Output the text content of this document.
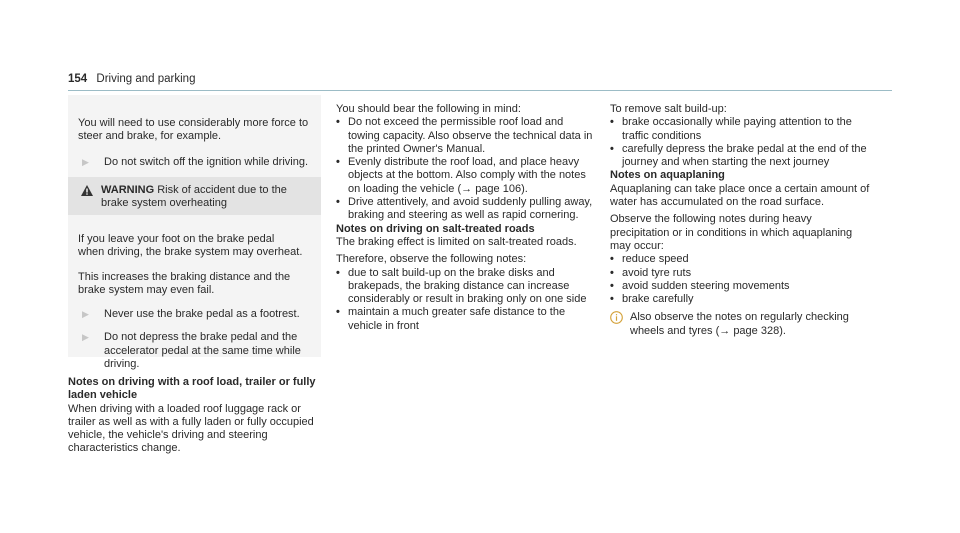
154 Driving and parking

You will need to use considerably more force to steer and brake, for example.

▶	Do not switch off the ignition while driving.
WARNING Risk of accident due to the brake system overheating

If you leave your foot on the brake pedal when driving, the brake system may overheat.

This increases the braking distance and the brake system may even fail.

▶	Never use the brake pedal as a footrest.
▶	Do not depress the brake pedal and the accelerator pedal at the same time while driving.

Notes on driving with a roof load, trailer or fully laden vehicle

When driving with a loaded roof luggage rack or trailer as well as with a fully laden or fully occupied vehicle, the vehicle's driving and steering characteristics change.

You should bear the following in mind:

• Do not exceed the permissible roof load and towing capacity. Also observe the technical data in the printed Owner's Manual.
• Evenly distribute the roof load, and place heavy objects at the bottom. Also comply with the notes on loading the vehicle (→ page 106).
• Drive attentively, and avoid suddenly pulling away, braking and steering as well as rapid cornering.

Notes on driving on salt-treated roads

The braking effect is limited on salt-treated roads.

Therefore, observe the following notes:

• due to salt build-up on the brake disks and brakepads, the braking distance can increase considerably or result in braking only on one side
• maintain a much greater safe distance to the vehicle in front

To remove salt build-up:

• brake occasionally while paying attention to the traffic conditions
• carefully depress the brake pedal at the end of the journey and when starting the next journey

Notes on aquaplaning

Aquaplaning can take place once a certain amount of water has accumulated on the road surface.

Observe the following notes during heavy precipitation or in conditions in which aquaplaning may occur:

• reduce speed
• avoid tyre ruts
• avoid sudden steering movements
• brake carefully
Also observe the notes on regularly checking wheels and tyres (→ page 328).
